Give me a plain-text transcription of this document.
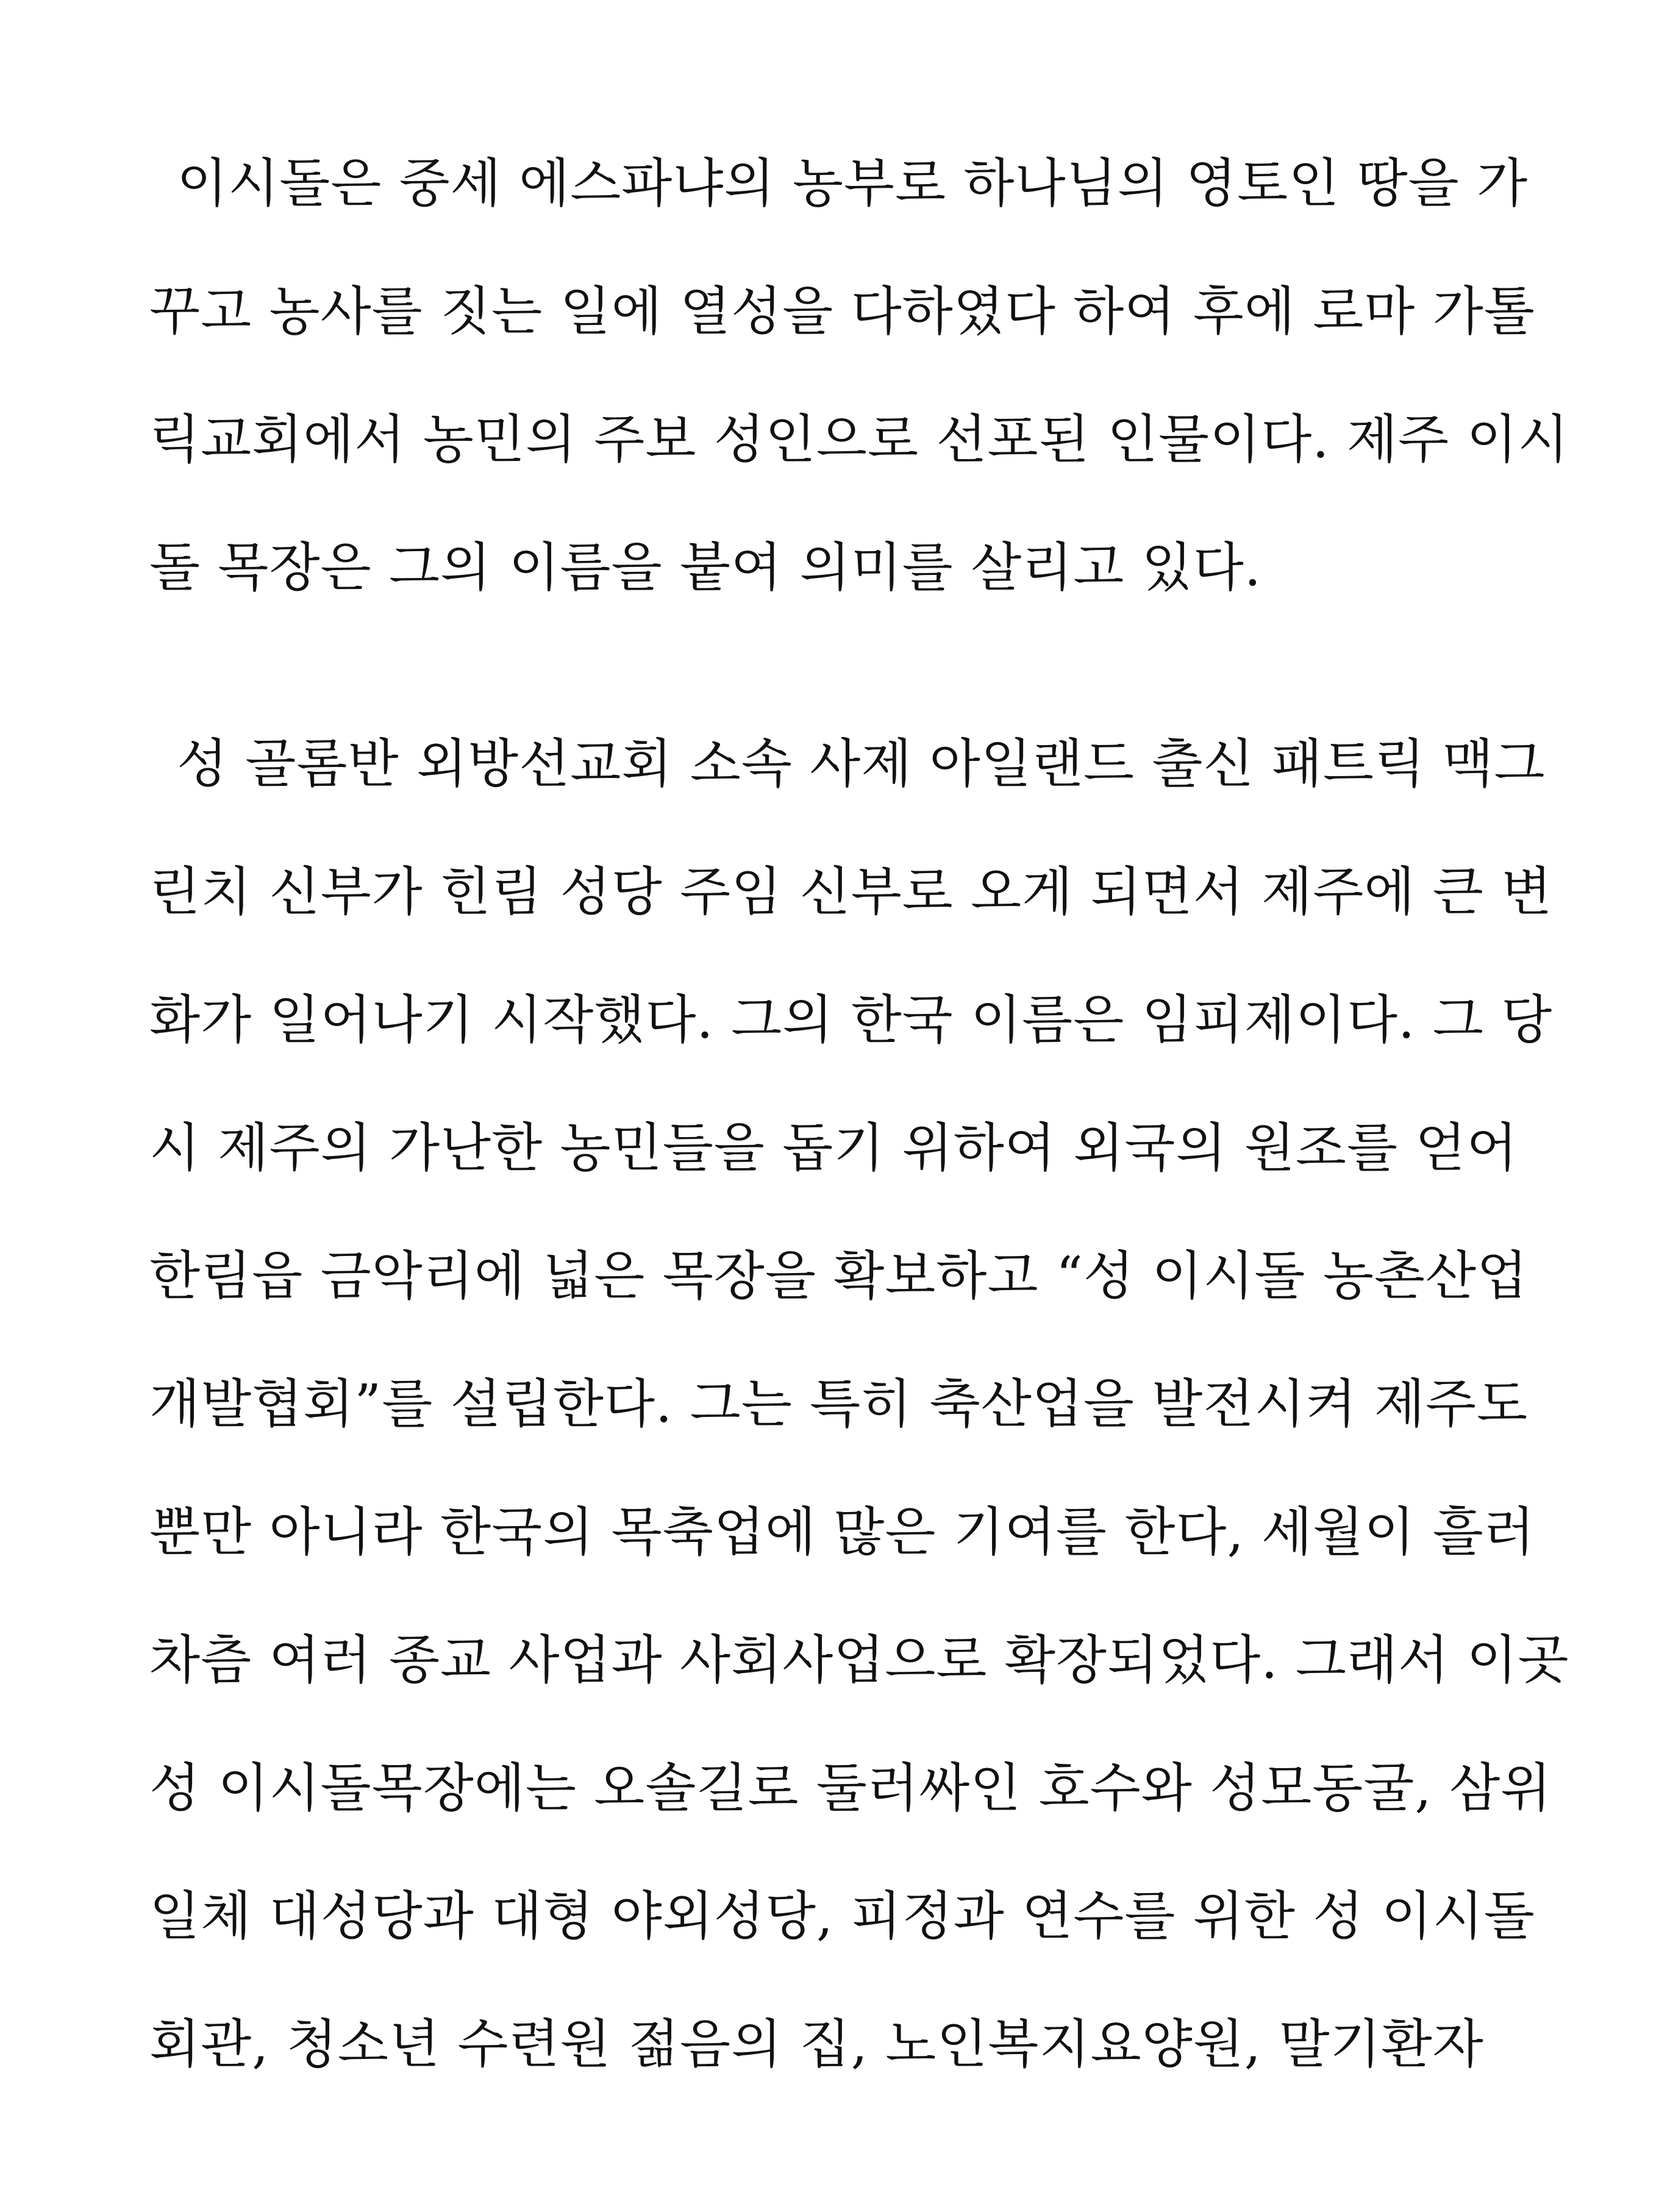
이시돌은 중세 에스파냐의 농부로 하나님의 영토인 땅을 가
꾸고 농사를 짓는 일에 열성을 다하였다 하여 후에 로마 가톨
릭교회에서 농민의 주보 성인으로 선포된 인물이다. 제주 이시
돌 목장은 그의 이름을 붙여 의미를 살리고 있다.
성 골롬반 외방선교회 소속 사제 아일랜드 출신 패트릭 맥그
린치 신부가 힌림 성당 주임 신부로 오게 되면서 제주에 큰 변
화가 일어나기 시작했다. 그의 한국 이름은 임피제이다. 그 당
시 제주의 가난한 농민들을 돕기 위하여 외국의 원조를 얻어
한림읍 금악리에 넓은 목장을 확보하고 “성 이시돌 농촌산업
개발협회”를 설립한다. 그는 특히 축산업을 발전시켜 제주도
뿐만 아니라 한국의 목축업에 많은 기여를 한다, 세월이 흘러
차츰 여러 종교 사업과 사회사업으로 확장되었다. 그래서 이곳
성 이시돌목장에는 오솔길로 둘러싸인 호수와 성모동굴, 삼위
일체 대성당과 대형 야외성당, 피정과 연수를 위한 성 이시돌
회관, 청소년 수련원 젊음의 집, 노인복지요양원, 말기환자
